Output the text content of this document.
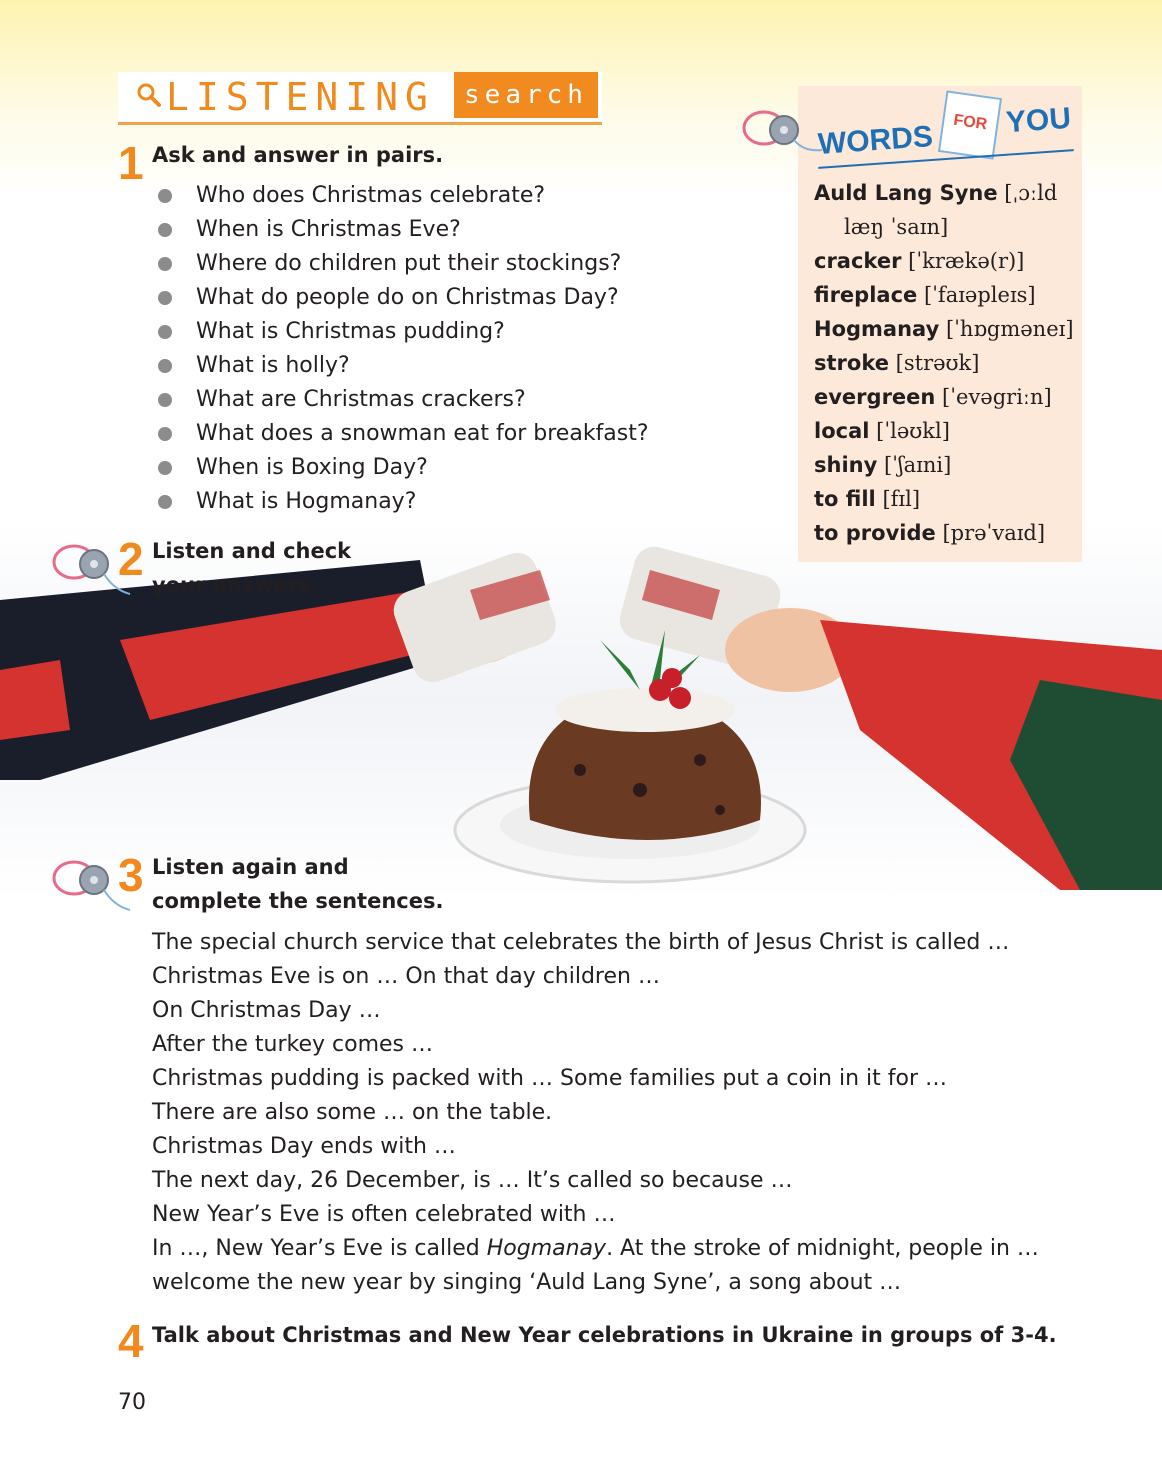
LISTENING	search
1 Ask and answer in pairs.
Who does Christmas celebrate?
When is Christmas Eve?
Where do children put their stockings?
What do people do on Christmas Day?
What is Christmas pudding?
What is holly?
What are Christmas crackers?
What does a snowman eat for breakfast?
When is Boxing Day?
What is Hogmanay?
WORDS	FOR YOU
Auld Lang Syne [ˌɔːld
læŋ ˈsaɪn]
cracker [ˈkrækə(r)]
fireplace [ˈfaɪəpleɪs]
Hogmanay [ˈhɒgməneɪ]
stroke [strəʊk]
evergreen [ˈevəgriːn]
local [ˈləʊkl]
shiny [ˈʃaɪni]
to fill [fɪl]
to provide [prəˈvaɪd]
2 Listen and check
your answers.
3 Listen again and
complete the sentences.
The special church service that celebrates the birth of Jesus Christ is called …
Christmas Eve is on … On that day children …
On Christmas Day …
After the turkey comes …
Christmas pudding is packed with … Some families put a coin in it for …
There are also some … on the table.
Christmas Day ends with …
The next day, 26 December, is … It’s called so because …
New Year’s Eve is often celebrated with …
In …, New Year’s Eve is called Hogmanay. At the stroke of midnight, people in …
welcome the new year by singing ‘Auld Lang Syne’, a song about …
4 Talk about Christmas and New Year celebrations in Ukraine in groups of 3-4.
70
